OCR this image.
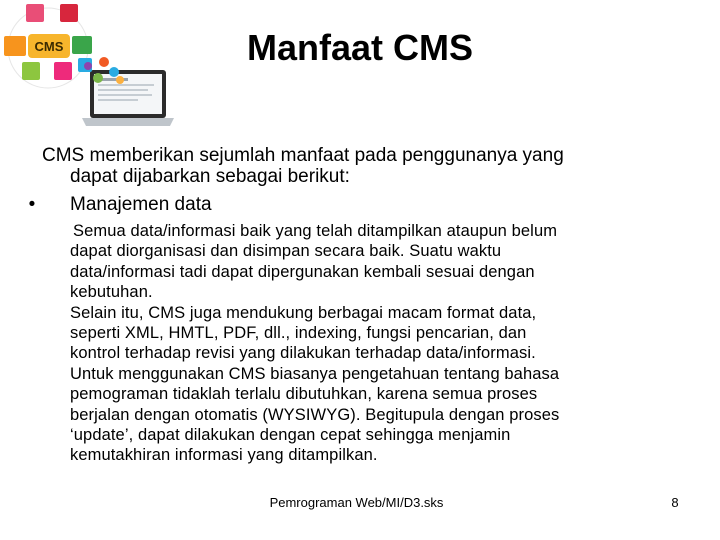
CMS	Manfaat CMS
CMS memberikan sejumlah manfaat pada penggunanya yang
dapat dijabarkan sebagai berikut:
• Manajemen data

Semua data/informasi baik yang telah ditampilkan ataupun belum
dapat diorganisasi dan disimpan secara baik. Suatu waktu
data/informasi tadi dapat dipergunakan kembali sesuai dengan
kebutuhan.

Selain itu, CMS juga mendukung berbagai macam format data,
seperti XML, HMTL, PDF, dll., indexing, fungsi pencarian, dan
kontrol terhadap revisi yang dilakukan terhadap data/informasi.

Untuk menggunakan CMS biasanya pengetahuan tentang bahasa
pemograman tidaklah terlalu dibutuhkan, karena semua proses
berjalan dengan otomatis (WYSIWYG). Begitupula dengan proses
‘update’, dapat dilakukan dengan cepat sehingga menjamin
kemutakhiran informasi yang ditampilkan.

Pemrograman Web/MI/D3.sks	8
